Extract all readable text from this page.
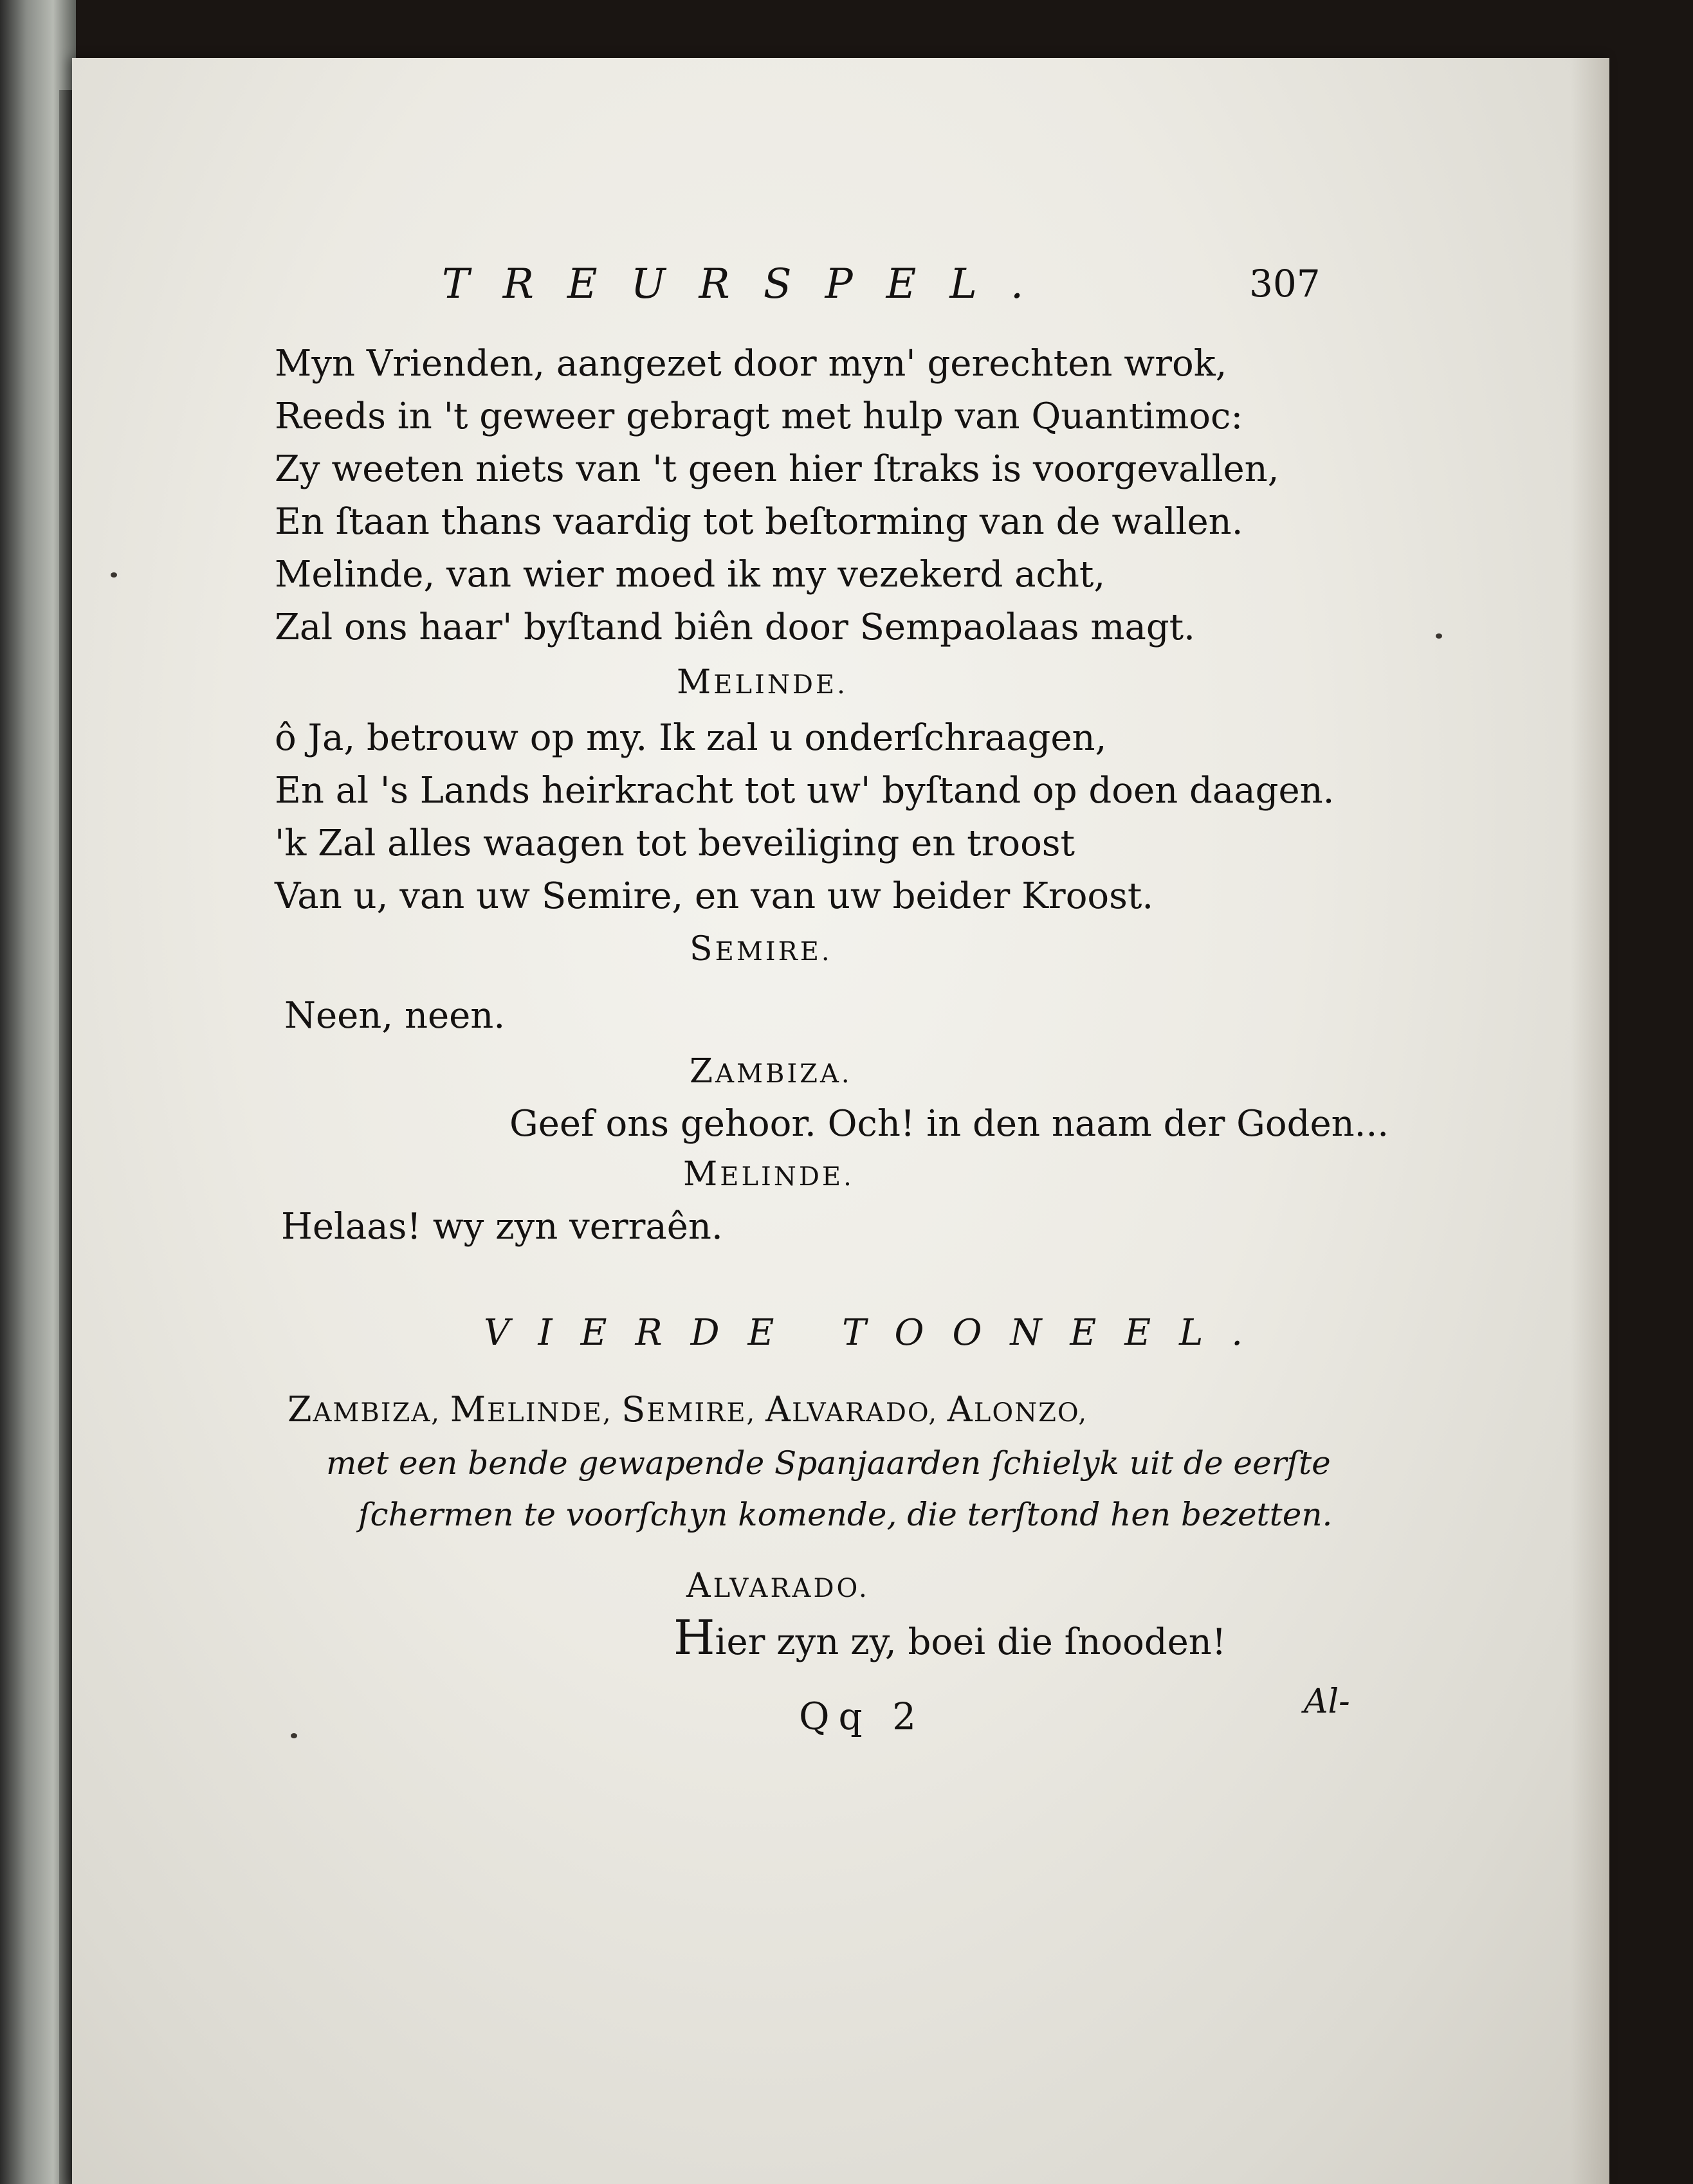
TREURSPEL.	307
Myn Vrienden, aangezet door myn' gerechten wrok,
Reeds in 't geweer gebragt met hulp van Quantimoc:
Zy weeten niets van 't geen hier ſtraks is voorgevallen,
En ſtaan thans vaardig tot beſtorming van de wallen.
Melinde, van wier moed ik my vezekerd acht,
Zal ons haar' byſtand biên door Sempaolaas magt.
MELINDE.
ô Ja, betrouw op my. Ik zal u onderſchraagen,
En al 's Lands heirkracht tot uw' byſtand op doen daagen.
'k Zal alles waagen tot beveiliging en troost
Van u, van uw Semire, en van uw beider Kroost.
SEMIRE.
Neen, neen.
ZAMBIZA.
Geef ons gehoor. Och! in den naam der Goden...
MELINDE.
Helaas! wy zyn verraên.
VIERDE TOONEEL.
ZAMBIZA, MELINDE, SEMIRE, ALVARADO, ALONZO,
met een bende gewapende Spanjaarden ſchielyk uit de eerſte
ſchermen te voorſchyn komende, die terſtond hen bezetten.
ALVARADO.
Hier zyn zy, boei die ſnooden!
Qq 2	Al-
